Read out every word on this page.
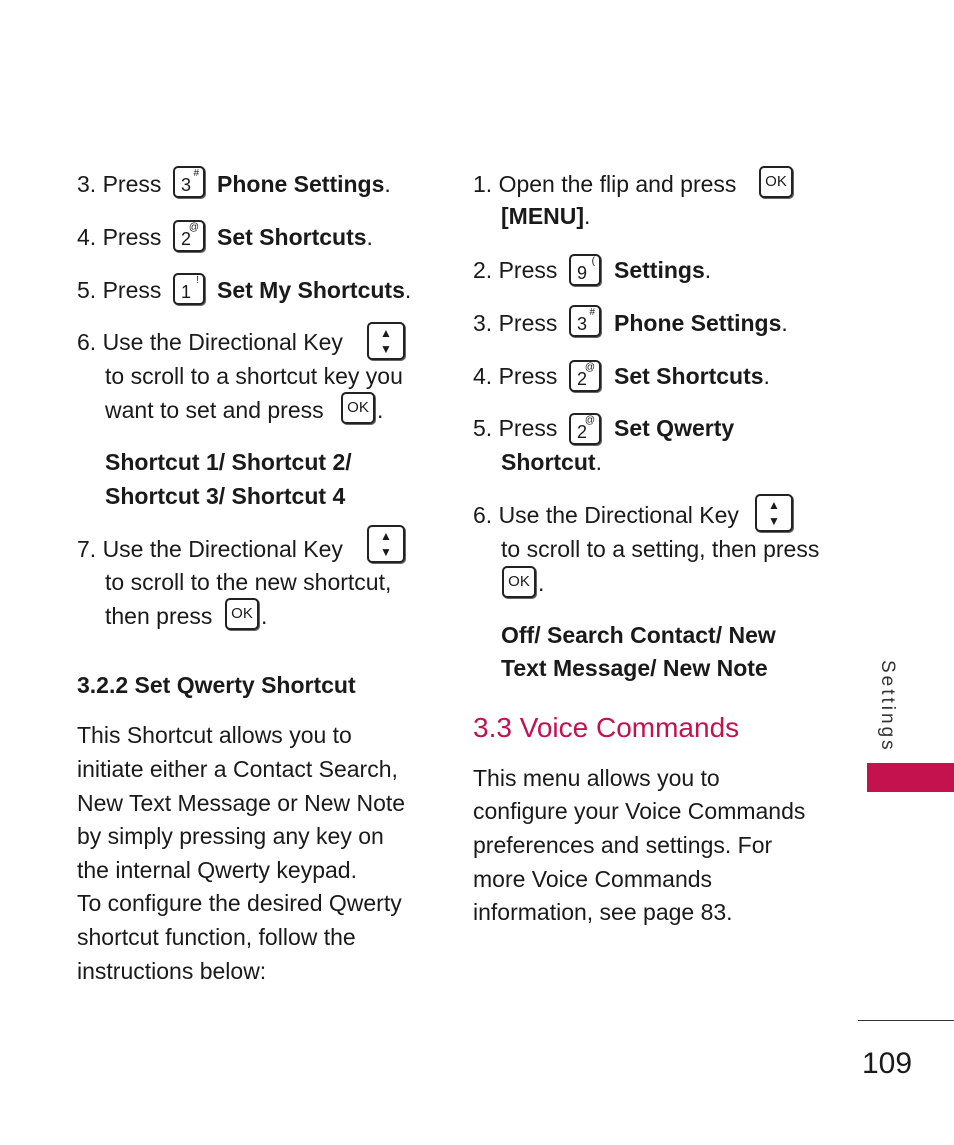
3. Press 3
# Phone Settings.
4. Press 2
@ Set Shortcuts.
5. Press 1
! Set My Shortcuts.
6. Use the Directional Key	▲
▼
to scroll to a shortcut key you
want to set and press OK .
Shortcut 1/ Shortcut 2/
Shortcut 3/ Shortcut 4
7. Use the Directional Key	▲
▼
to scroll to the new shortcut,
then press OK .
3.2.2 Set Qwerty Shortcut
This Shortcut allows you to
initiate either a Contact Search,
New Text Message or New Note
by simply pressing any key on
the internal Qwerty keypad.
To configure the desired Qwerty
shortcut function, follow the
instructions below:
1. Open the flip and press OK
[MENU].
2. Press 9
( Settings.
3. Press 3
# Phone Settings.
4. Press 2
@ Set Shortcuts.
5. Press 2
@ Set Qwerty
Shortcut.
6. Use the Directional Key	▲
▼
to scroll to a setting, then press
OK .
Off/ Search Contact/ New
Text Message/ New Note
3.3 Voice Commands
This menu allows you to
configure your Voice Commands
preferences and settings. For
more Voice Commands
information, see page 83.
Settings
109
